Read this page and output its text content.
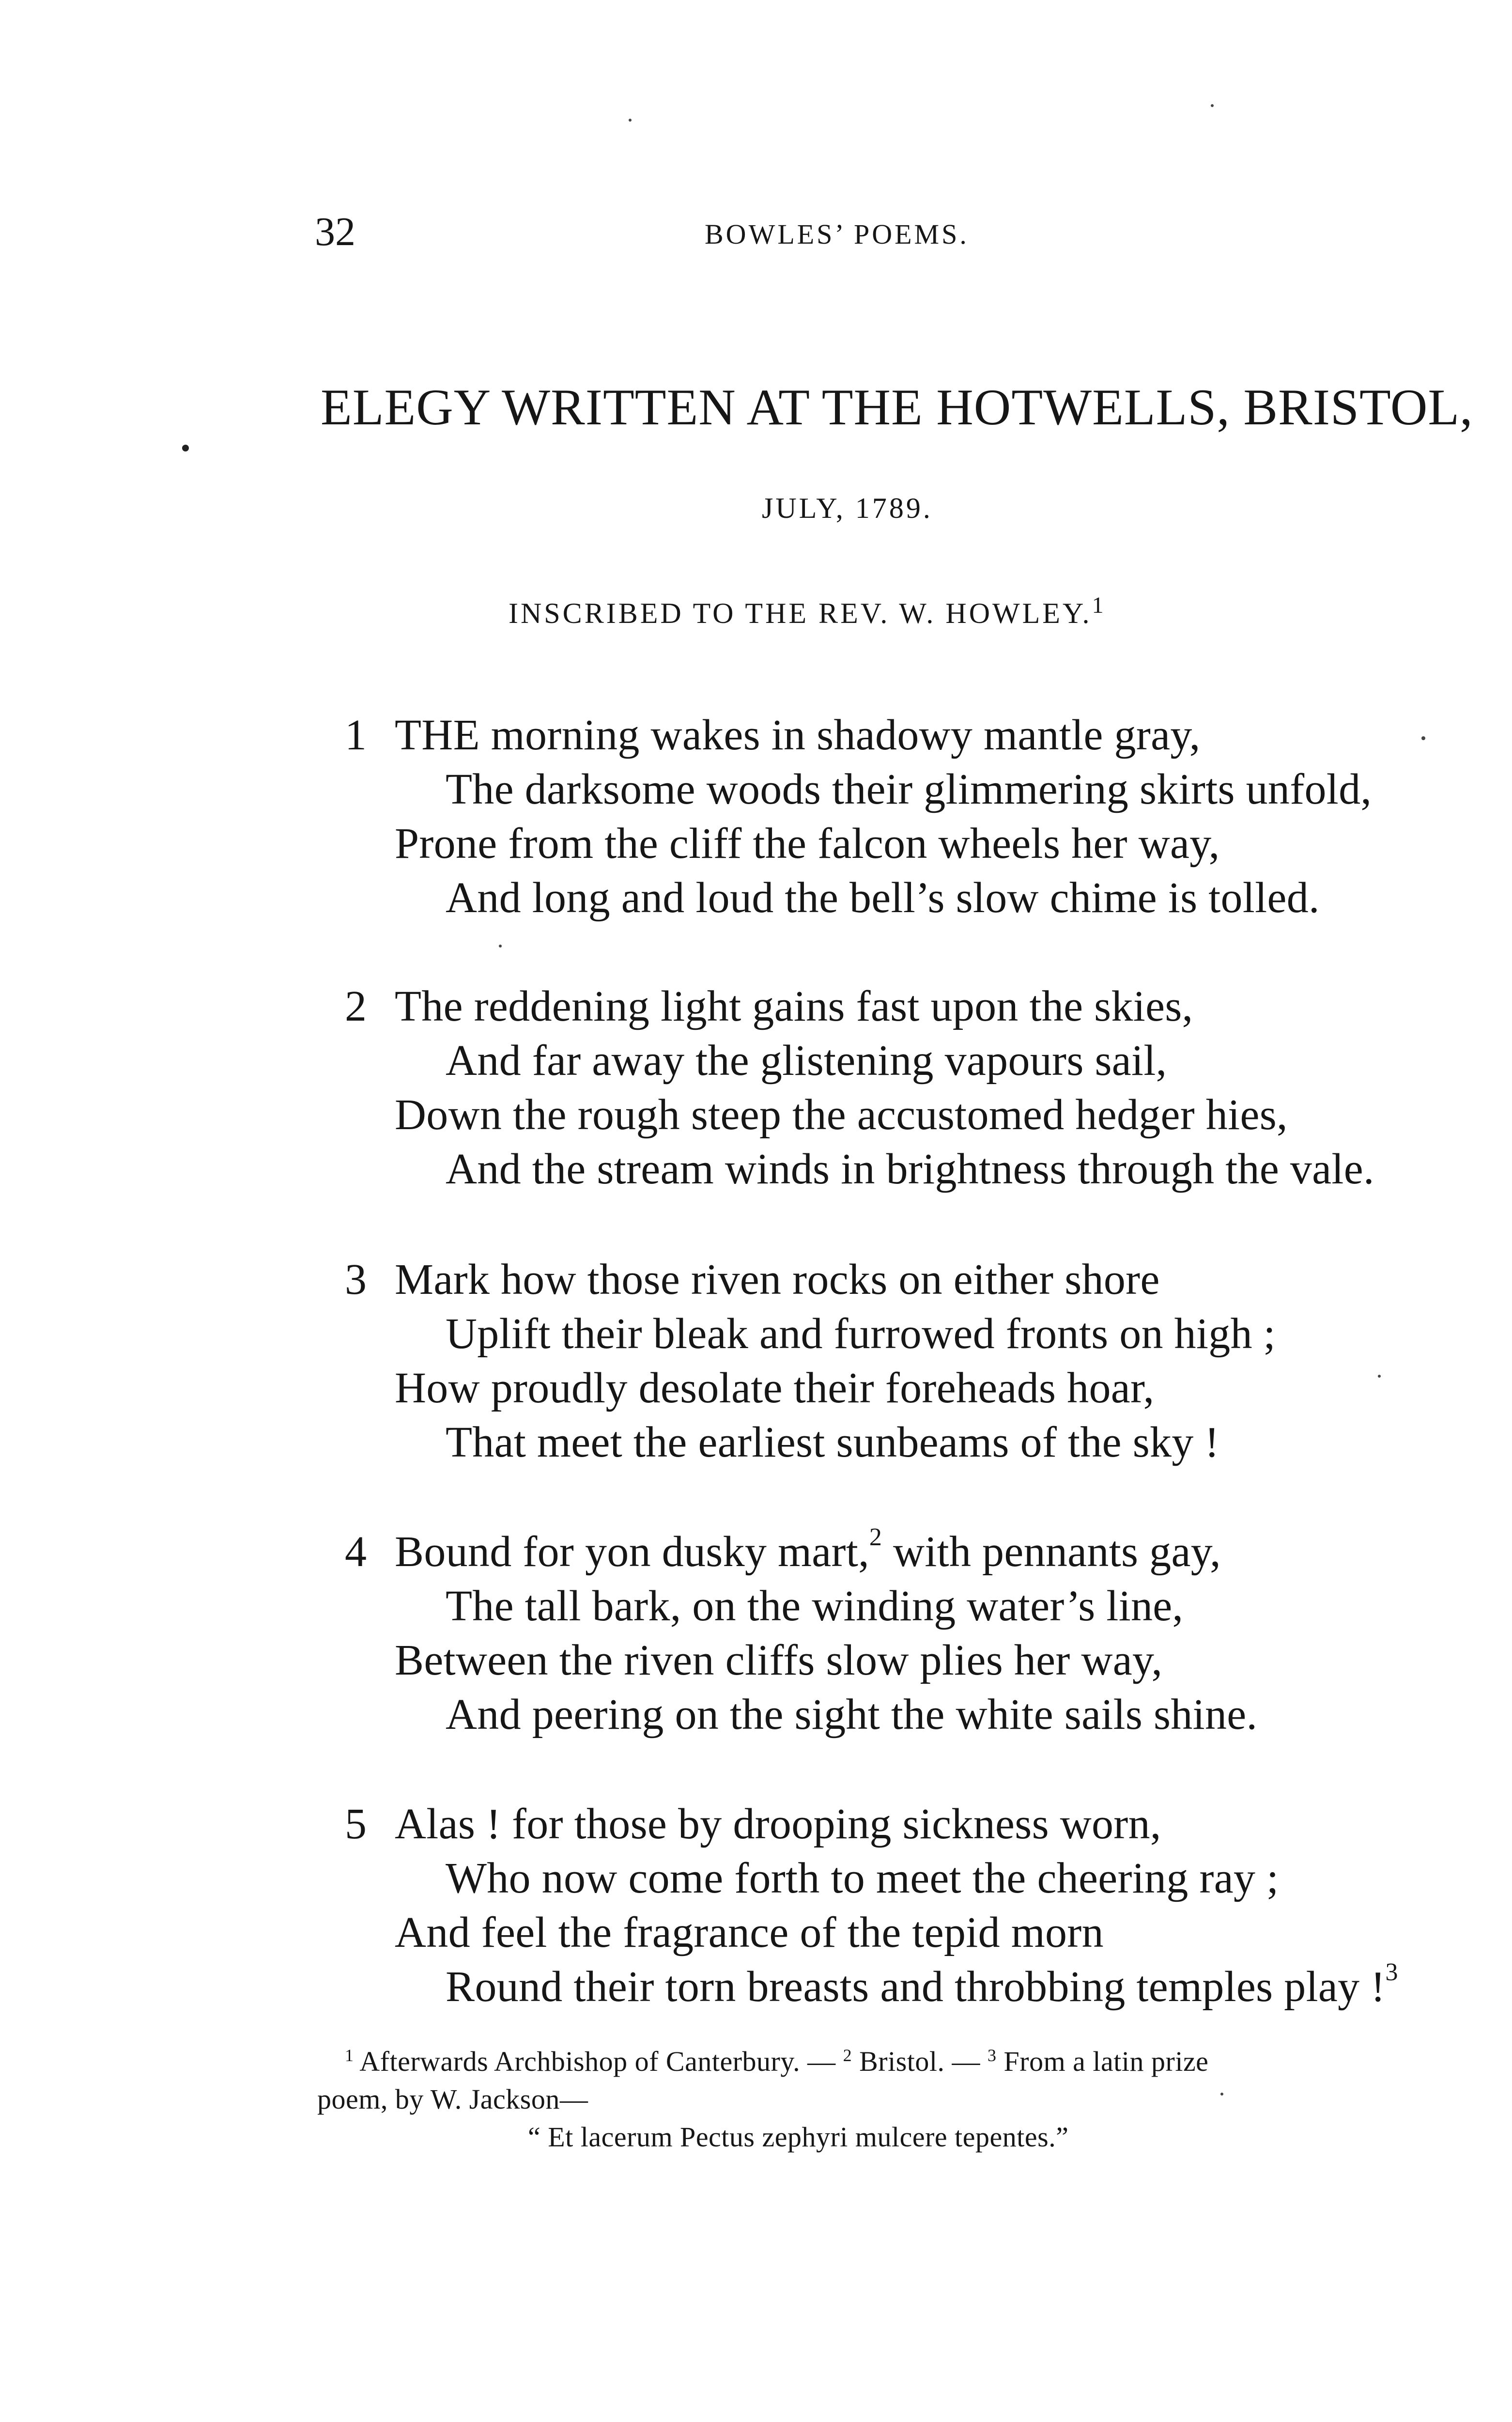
32	BOWLES’ POEMS.
ELEGY WRITTEN AT THE HOTWELLS, BRISTOL,
JULY, 1789.
INSCRIBED TO THE REV. W. HOWLEY.$^1$
1 THE morning wakes in shadowy mantle gray,
The darksome woods their glimmering skirts unfold,
Prone from the cliff the falcon wheels her way,
And long and loud the bell’s slow chime is tolled.
2 The reddening light gains fast upon the skies,
And far away the glistening vapours sail,
Down the rough steep the accustomed hedger hies,
And the stream winds in brightness through the vale.
3 Mark how those riven rocks on either shore
Uplift their bleak and furrowed fronts on high ;
How proudly desolate their foreheads hoar,
That meet the earliest sunbeams of the sky !
4 Bound for yon dusky mart,$^2$ with pennants gay,
The tall bark, on the winding water’s line,
Between the riven cliffs slow plies her way,
And peering on the sight the white sails shine.
5 Alas ! for those by drooping sickness worn,
Who now come forth to meet the cheering ray ;
And feel the fragrance of the tepid morn
Round their torn breasts and throbbing temples play !$^3$
$^1$ Afterwards Archbishop of Canterbury. — $^2$ Bristol. — $^3$ From a latin prize
poem, by W. Jackson—
“ Et lacerum Pectus zephyri mulcere tepentes.”
